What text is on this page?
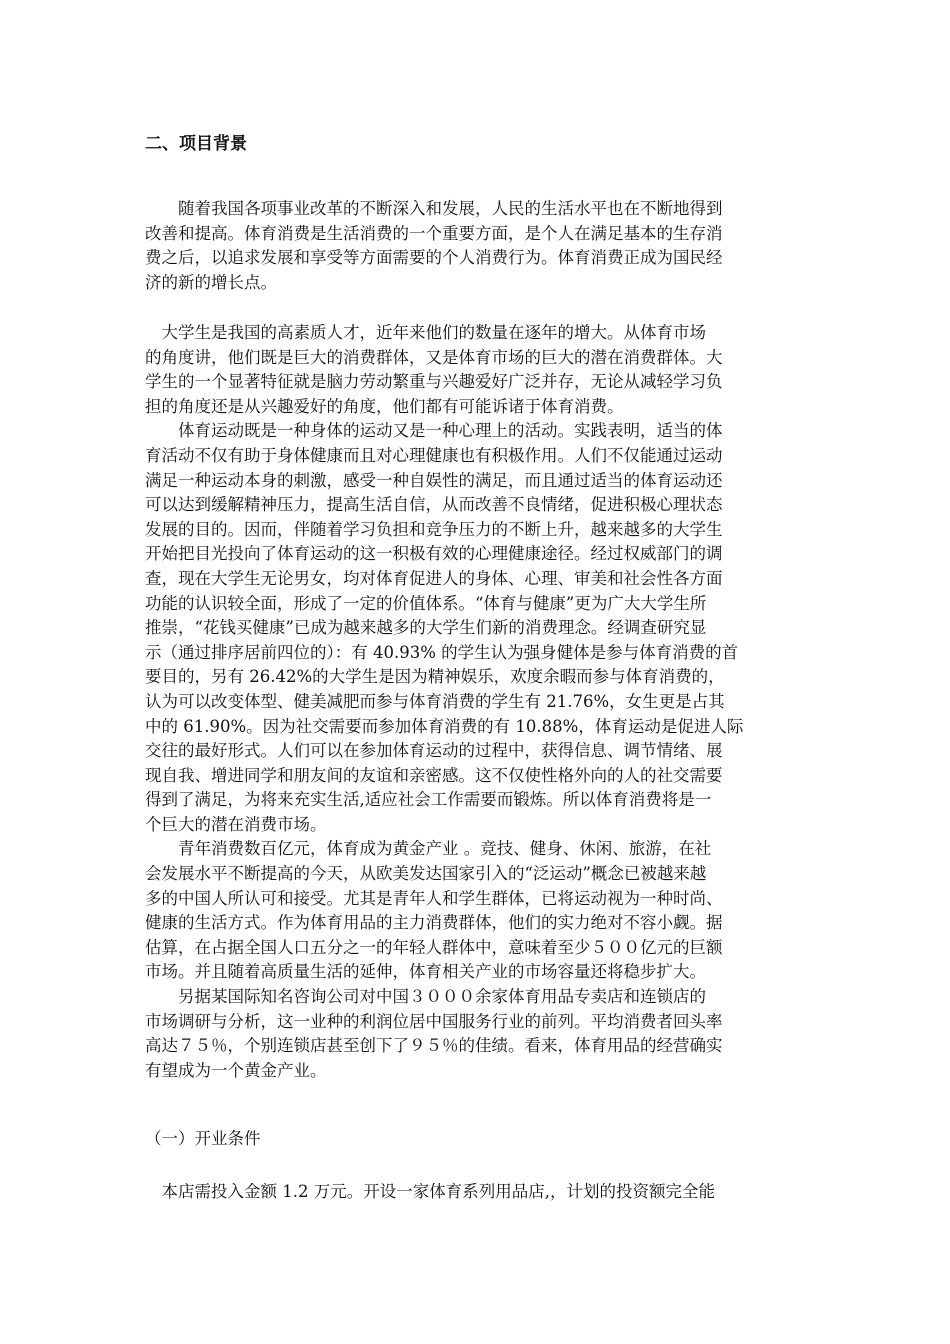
二、项目背景
　　随着我国各项事业改革的不断深入和发展，人民的生活水平也在不断地得到
改善和提高。体育消费是生活消费的一个重要方面，是个人在满足基本的生存消
费之后，以追求发展和享受等方面需要的个人消费行为。体育消费正成为国民经
济的新的增长点。
　大学生是我国的高素质人才，近年来他们的数量在逐年的增大。从体育市场
的角度讲，他们既是巨大的消费群体，又是体育市场的巨大的潜在消费群体。大
学生的一个显著特征就是脑力劳动繁重与兴趣爱好广泛并存，无论从减轻学习负
担的角度还是从兴趣爱好的角度，他们都有可能诉诸于体育消费。
　　体育运动既是一种身体的运动又是一种心理上的活动。实践表明，适当的体
育活动不仅有助于身体健康而且对心理健康也有积极作用。人们不仅能通过运动
满足一种运动本身的刺激，感受一种自娱性的满足，而且通过适当的体育运动还
可以达到缓解精神压力，提高生活自信，从而改善不良情绪，促进积极心理状态
发展的目的。因而，伴随着学习负担和竞争压力的不断上升，越来越多的大学生
开始把目光投向了体育运动的这一积极有效的心理健康途径。经过权威部门的调
查，现在大学生无论男女，均对体育促进人的身体、心理、审美和社会性各方面
功能的认识较全面，形成了一定的价值体系。“体育与健康”更为广大大学生所
推崇，“花钱买健康”已成为越来越多的大学生们新的消费理念。经调查研究显
示（通过排序居前四位的）：有 40.93% 的学生认为强身健体是参与体育消费的首
要目的，另有 26.42%的大学生是因为精神娱乐，欢度余暇而参与体育消费的，
认为可以改变体型、健美减肥而参与体育消费的学生有 21.76%，女生更是占其
中的 61.90%。因为社交需要而参加体育消费的有 10.88%，体育运动是促进人际
交往的最好形式。人们可以在参加体育运动的过程中，获得信息、调节情绪、展
现自我、增进同学和朋友间的友谊和亲密感。这不仅使性格外向的人的社交需要
得到了满足，为将来充实生活,适应社会工作需要而锻炼。所以体育消费将是一
个巨大的潜在消费市场。
　　青年消费数百亿元，体育成为黄金产业 。竞技、健身、休闲、旅游，在社
会发展水平不断提高的今天，从欧美发达国家引入的“泛运动”概念已被越来越
多的中国人所认可和接受。尤其是青年人和学生群体，已将运动视为一种时尚、
健康的生活方式。作为体育用品的主力消费群体，他们的实力绝对不容小觑。据
估算，在占据全国人口五分之一的年轻人群体中，意味着至少５００亿元的巨额
市场。并且随着高质量生活的延伸，体育相关产业的市场容量还将稳步扩大。
　　另据某国际知名咨询公司对中国３０００余家体育用品专卖店和连锁店的
市场调研与分析，这一业种的利润位居中国服务行业的前列。平均消费者回头率
高达７５％，个别连锁店甚至创下了９５％的佳绩。看来，体育用品的经营确实
有望成为一个黄金产业。
（一）开业条件
　本店需投入金额 1.2 万元。开设一家体育系列用品店,，计划的投资额完全能
